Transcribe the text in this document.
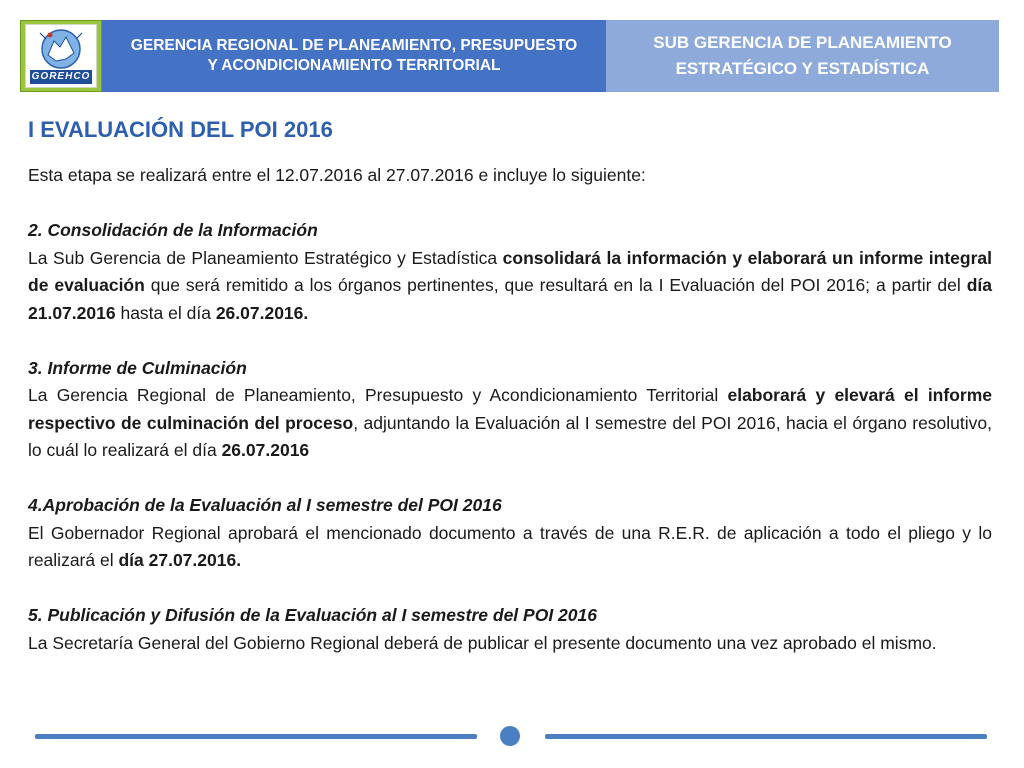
GOREHCO
GERENCIA REGIONAL DE PLANEAMIENTO, PRESUPUESTO
Y ACONDICIONAMIENTO TERRITORIAL
SUB GERENCIA DE PLANEAMIENTO
ESTRATÉGICO Y ESTADÍSTICA
I EVALUACIÓN DEL POI 2016

Esta etapa se realizará entre el 12.07.2016 al 27.07.2016 e incluye lo siguiente:

2. Consolidación de la Información

La Sub Gerencia de Planeamiento Estratégico y Estadística consolidará la información y elaborará un informe integral de evaluación que será remitido a los órganos pertinentes, que resultará en la I Evaluación del POI 2016; a partir del día 21.07.2016 hasta el día 26.07.2016.

3. Informe de Culminación

La Gerencia Regional de Planeamiento, Presupuesto y Acondicionamiento Territorial elaborará y elevará el informe respectivo de culminación del proceso, adjuntando la Evaluación al I semestre del POI 2016, hacia el órgano resolutivo, lo cuál lo realizará el día 26.07.2016

4.Aprobación de la Evaluación al I semestre del POI 2016

El Gobernador Regional aprobará el mencionado documento a través de una R.E.R. de aplicación a todo el pliego y lo realizará el día 27.07.2016.

5. Publicación y Difusión de la Evaluación al I semestre del POI 2016

La Secretaría General del Gobierno Regional deberá de publicar el presente documento una vez aprobado el mismo.
